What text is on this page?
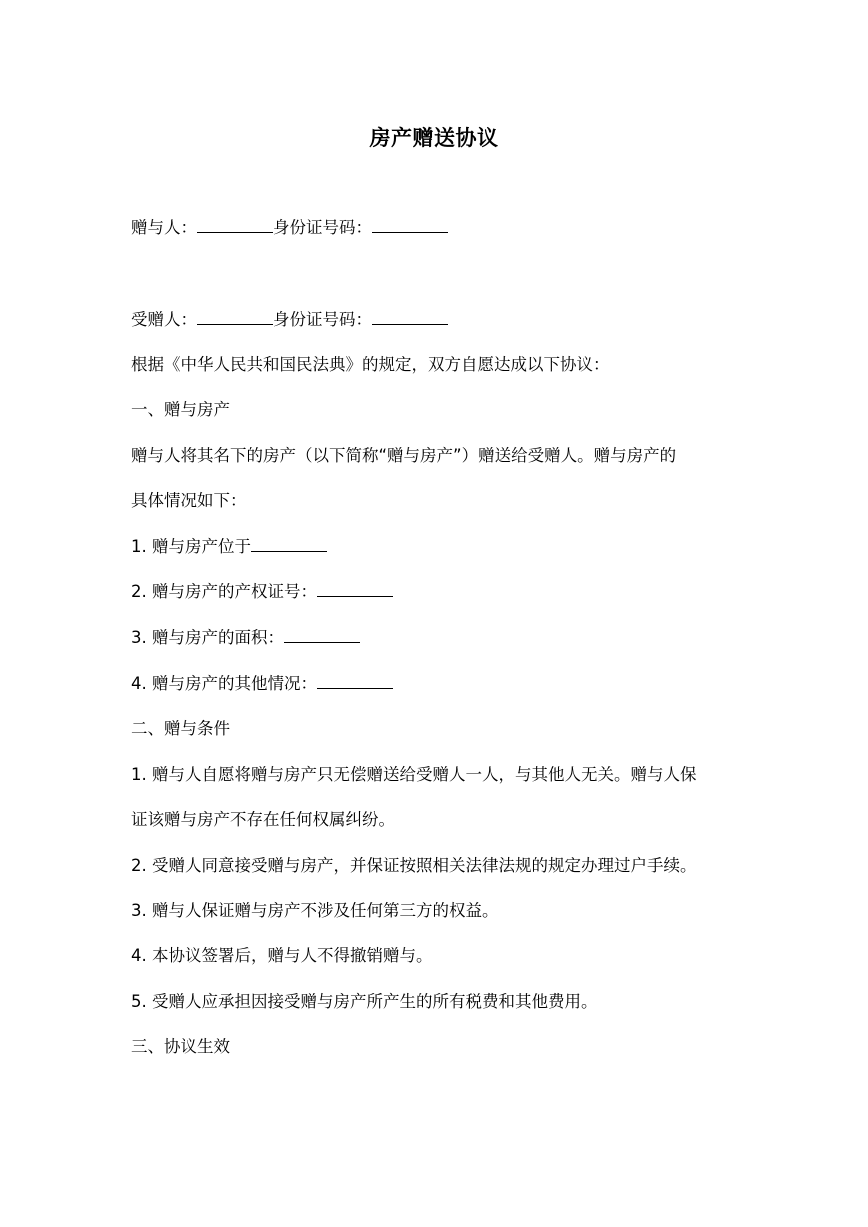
房产赠送协议
赠与人：	身份证号码：
受赠人：	身份证号码：
根据《中华人民共和国民法典》的规定，双方自愿达成以下协议：
一、赠与房产
赠与人将其名下的房产（以下简称“赠与房产”）赠送给受赠人。赠与房产的
具体情况如下：
1. 赠与房产位于
2. 赠与房产的产权证号：
3. 赠与房产的面积：
4. 赠与房产的其他情况：
二、赠与条件
1. 赠与人自愿将赠与房产只无偿赠送给受赠人一人，与其他人无关。赠与人保
证该赠与房产不存在任何权属纠纷。
2. 受赠人同意接受赠与房产，并保证按照相关法律法规的规定办理过户手续。
3. 赠与人保证赠与房产不涉及任何第三方的权益。
4. 本协议签署后，赠与人不得撤销赠与。
5. 受赠人应承担因接受赠与房产所产生的所有税费和其他费用。
三、协议生效
